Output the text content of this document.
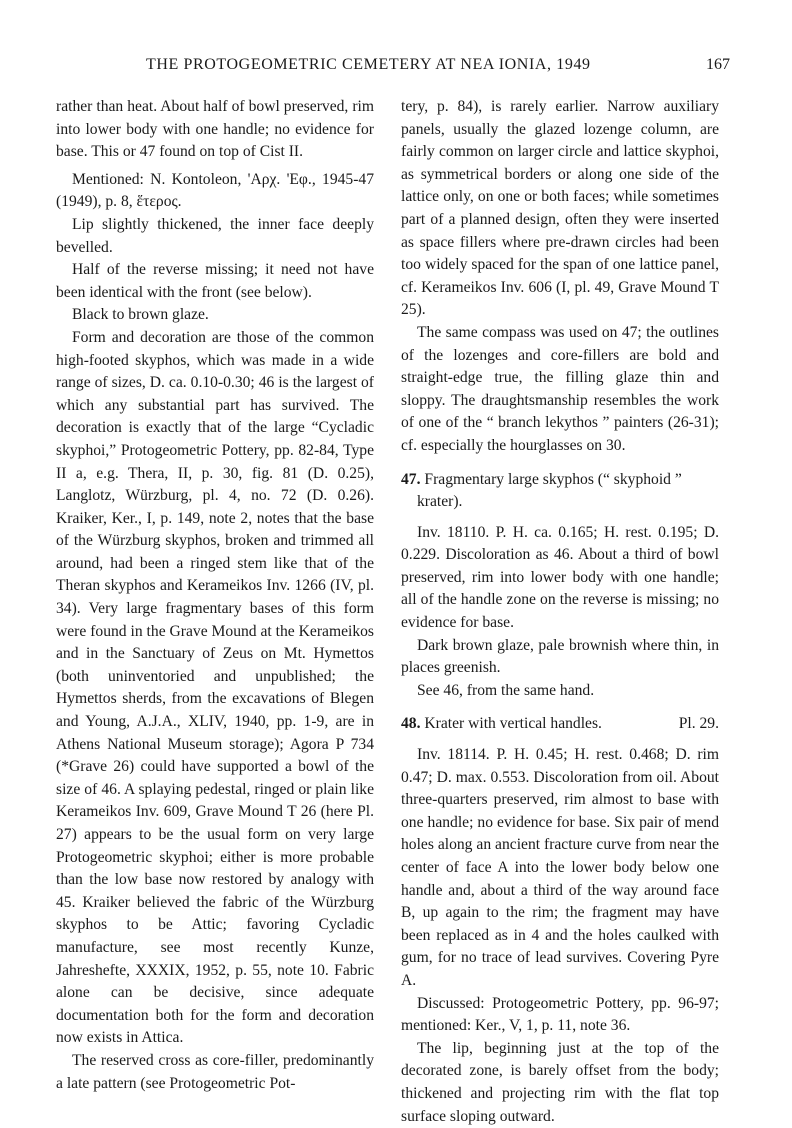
THE PROTOGEOMETRIC CEMETERY AT NEA IONIA, 1949	167

rather than heat. About half of bowl preserved, rim into lower body with one handle; no evidence for base. This or 47 found on top of Cist II.

Mentioned: N. Kontoleon, 'Αρχ. 'Εφ., 1945-47 (1949), p. 8, ἕτερος.

Lip slightly thickened, the inner face deeply bevelled.

Half of the reverse missing; it need not have been identical with the front (see below).

Black to brown glaze.

Form and decoration are those of the common high-footed skyphos, which was made in a wide range of sizes, D. ca. 0.10-0.30; 46 is the largest of which any substantial part has survived. The decoration is exactly that of the large “Cycladic skyphoi,” Protogeometric Pottery, pp. 82-84, Type II a, e.g. Thera, II, p. 30, fig. 81 (D. 0.25), Langlotz, Würzburg, pl. 4, no. 72 (D. 0.26). Kraiker, Ker., I, p. 149, note 2, notes that the base of the Würzburg skyphos, broken and trimmed all around, had been a ringed stem like that of the Theran skyphos and Kerameikos Inv. 1266 (IV, pl. 34). Very large fragmentary bases of this form were found in the Grave Mound at the Kerameikos and in the Sanctuary of Zeus on Mt. Hymettos (both uninventoried and unpublished; the Hymettos sherds, from the excavations of Blegen and Young, A.J.A., XLIV, 1940, pp. 1-9, are in Athens National Museum storage); Agora P 734 (*Grave 26) could have supported a bowl of the size of 46. A splaying pedestal, ringed or plain like Kerameikos Inv. 609, Grave Mound T 26 (here Pl. 27) appears to be the usual form on very large Protogeometric skyphoi; either is more probable than the low base now restored by analogy with 45. Kraiker believed the fabric of the Würzburg skyphos to be Attic; favoring Cycladic manufacture, see most recently Kunze, Jahreshefte, XXXIX, 1952, p. 55, note 10. Fabric alone can be decisive, since adequate documentation both for the form and decoration now exists in Attica.

The reserved cross as core-filler, predominantly a late pattern (see Protogeometric Pot-

tery, p. 84), is rarely earlier. Narrow auxiliary panels, usually the glazed lozenge column, are fairly common on larger circle and lattice skyphoi, as symmetrical borders or along one side of the lattice only, on one or both faces; while sometimes part of a planned design, often they were inserted as space fillers where pre-drawn circles had been too widely spaced for the span of one lattice panel, cf. Kerameikos Inv. 606 (I, pl. 49, Grave Mound T 25).

The same compass was used on 47; the outlines of the lozenges and core-fillers are bold and straight-edge true, the filling glaze thin and sloppy. The draughtsmanship resembles the work of one of the “ branch lekythos ” painters (26-31); cf. especially the hourglasses on 30.

47. Fragmentary large skyphos (“ skyphoid ” krater).

Inv. 18110. P. H. ca. 0.165; H. rest. 0.195; D. 0.229. Discoloration as 46. About a third of bowl preserved, rim into lower body with one handle; all of the handle zone on the reverse is missing; no evidence for base.

Dark brown glaze, pale brownish where thin, in places greenish.

See 46, from the same hand.

Pl. 29.
48. Krater with vertical handles.

Inv. 18114. P. H. 0.45; H. rest. 0.468; D. rim 0.47; D. max. 0.553. Discoloration from oil. About three-quarters preserved, rim almost to base with one handle; no evidence for base. Six pair of mend holes along an ancient fracture curve from near the center of face A into the lower body below one handle and, about a third of the way around face B, up again to the rim; the fragment may have been replaced as in 4 and the holes caulked with gum, for no trace of lead survives. Covering Pyre A.

Discussed: Protogeometric Pottery, pp. 96-97; mentioned: Ker., V, 1, p. 11, note 36.

The lip, beginning just at the top of the decorated zone, is barely offset from the body; thickened and projecting rim with the flat top surface sloping outward.
